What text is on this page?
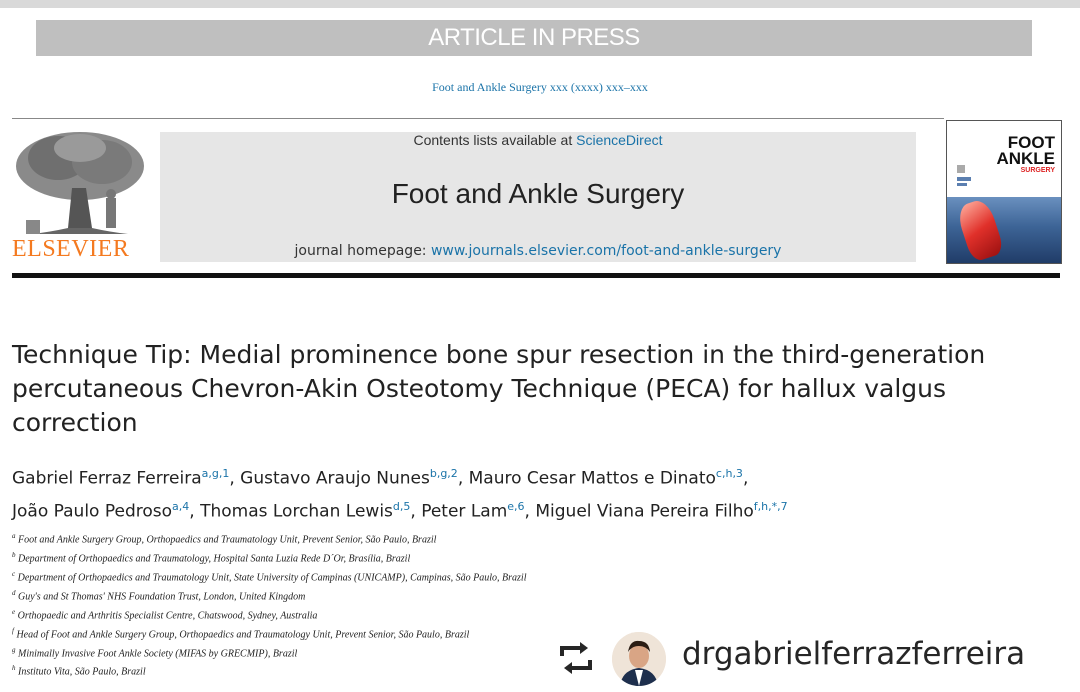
ARTICLE IN PRESS
Foot and Ankle Surgery xxx (xxxx) xxx–xxx
ELSEVIER
Contents lists available at ScienceDirect
Foot and Ankle Surgery
journal homepage: www.journals.elsevier.com/foot-and-ankle-surgery
FOOT
ANKLE
SURGERY
Technique Tip: Medial prominence bone spur resection in the third-generation percutaneous Chevron-Akin Osteotomy Technique (PECA) for hallux valgus correction
Gabriel Ferraz Ferreira$^{a,g,1}$, Gustavo Araujo Nunes$^{b,g,2}$, Mauro Cesar Mattos e Dinato$^{c,h,3}$,
João Paulo Pedroso$^{a,4}$, Thomas Lorchan Lewis$^{d,5}$, Peter Lam$^{e,6}$, Miguel Viana Pereira Filho$^{f,h,*,7}$
$^a$ Foot and Ankle Surgery Group, Orthopaedics and Traumatology Unit, Prevent Senior, São Paulo, Brazil
$^b$ Department of Orthopaedics and Traumatology, Hospital Santa Luzia Rede D´Or, Brasília, Brazil
$^c$ Department of Orthopaedics and Traumatology Unit, State University of Campinas (UNICAMP), Campinas, São Paulo, Brazil
$^d$ Guy's and St Thomas' NHS Foundation Trust, London, United Kingdom
$^e$ Orthopaedic and Arthritis Specialist Centre, Chatswood, Sydney, Australia
$^f$ Head of Foot and Ankle Surgery Group, Orthopaedics and Traumatology Unit, Prevent Senior, São Paulo, Brazil
$^g$ Minimally Invasive Foot Ankle Society (MIFAS by GRECMIP), Brazil
$^h$ Instituto Vita, São Paulo, Brazil
drgabrielferrazferreira
